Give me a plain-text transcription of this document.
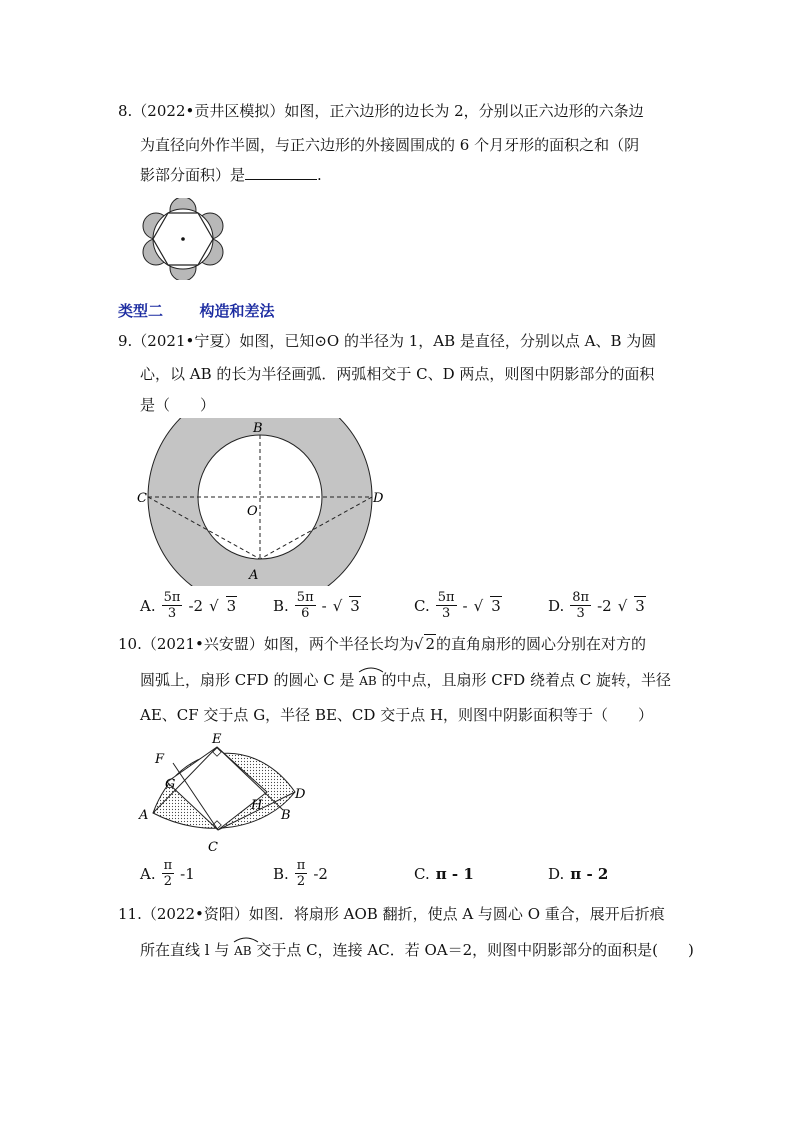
8.（2022•贡井区模拟）如图，正六边形的边长为 2，分别以正六边形的六条边
为直径向外作半圆，与正六边形的外接圆围成的 6 个月牙形的面积之和（阴
影部分面积）是	.
类型二 构造和差法
9.（2021•宁夏）如图，已知⊙O 的半径为 1，AB 是直径，分别以点 A、B 为圆
心，以 AB 的长为半径画弧．两弧相交于 C、D 两点，则图中阴影部分的面积
是（　　）
B
C	D
O
A
A. $\frac{5\pi}{3} -2$ √ 3 B. $\frac{5\pi}{6}$ - √ 3	C. $\frac{5\pi}{3}$ - √ 3	D. $\frac{8\pi}{3} -2$ √ 3
10.（2021•兴安盟）如图，两个半径长均为√ 2的直角扇形的圆心分别在对方的
圆弧上，扇形 CFD 的圆心 C 是 AB 的中点，且扇形 CFD 绕着点 C 旋转，半径
AE、CF 交于点 G，半径 BE、CD 交于点 H，则图中阴影面积等于（　　）
E
F
G
H
D
A	B
C
A. $\frac{\pi}{2} -1$	B. $\frac{\pi}{2} -2$	C. π - 1	D. π - 2
11.（2022•资阳）如图．将扇形 AOB 翻折，使点 A 与圆心 O 重合，展开后折痕
所在直线 l 与 AB 交于点 C，连接 AC．若 OA＝2，则图中阴影部分的面积是(　　)
